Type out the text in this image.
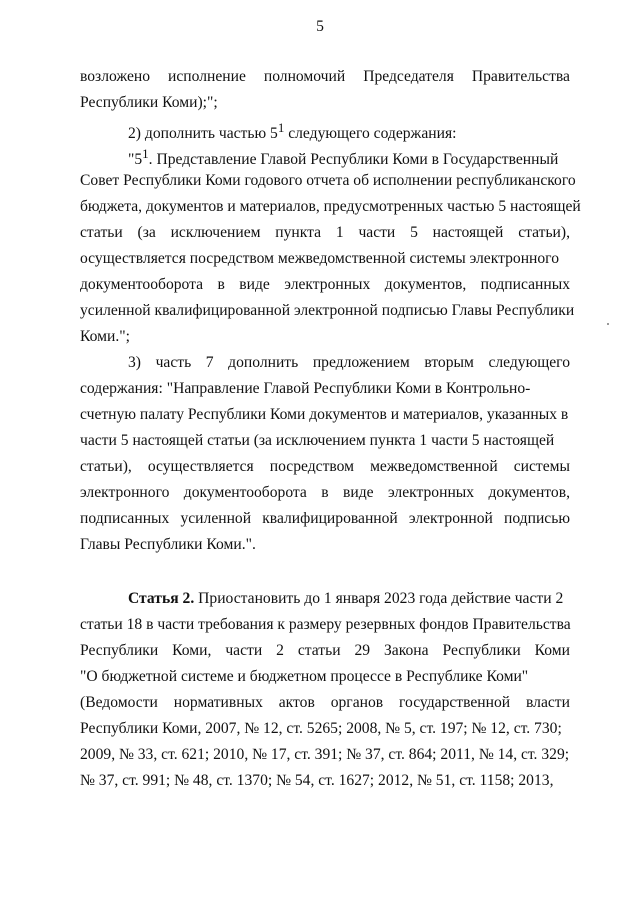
5
возложено исполнение полномочий Председателя Правительства
Республики Коми);";
2) дополнить частью $5^1$ следующего содержания:
"$5^1$. Представление Главой Республики Коми в Государственный
Совет Республики Коми годового отчета об исполнении республиканского
бюджета, документов и материалов, предусмотренных частью 5 настоящей
статьи (за исключением пункта 1 части 5 настоящей статьи),
осуществляется посредством межведомственной системы электронного
документооборота в виде электронных документов, подписанных
усиленной квалифицированной электронной подписью Главы Республики
Коми.";
3) часть 7 дополнить предложением вторым следующего
содержания: "Направление Главой Республики Коми в Контрольно-
счетную палату Республики Коми документов и материалов, указанных в
части 5 настоящей статьи (за исключением пункта 1 части 5 настоящей
статьи), осуществляется посредством межведомственной системы
электронного документооборота в виде электронных документов,
подписанных усиленной квалифицированной электронной подписью
Главы Республики Коми.".
Статья 2. Приостановить до 1 января 2023 года действие части 2
статьи 18 в части требования к размеру резервных фондов Правительства
Республики Коми, части 2 статьи 29 Закона Республики Коми
"О бюджетной системе и бюджетном процессе в Республике Коми"
(Ведомости нормативных актов органов государственной власти
Республики Коми, 2007, № 12, ст. 5265; 2008, № 5, ст. 197; № 12, ст. 730;
2009, № 33, ст. 621; 2010, № 17, ст. 391; № 37, ст. 864; 2011, № 14, ст. 329;
№ 37, ст. 991; № 48, ст. 1370; № 54, ст. 1627; 2012, № 51, ст. 1158; 2013,
